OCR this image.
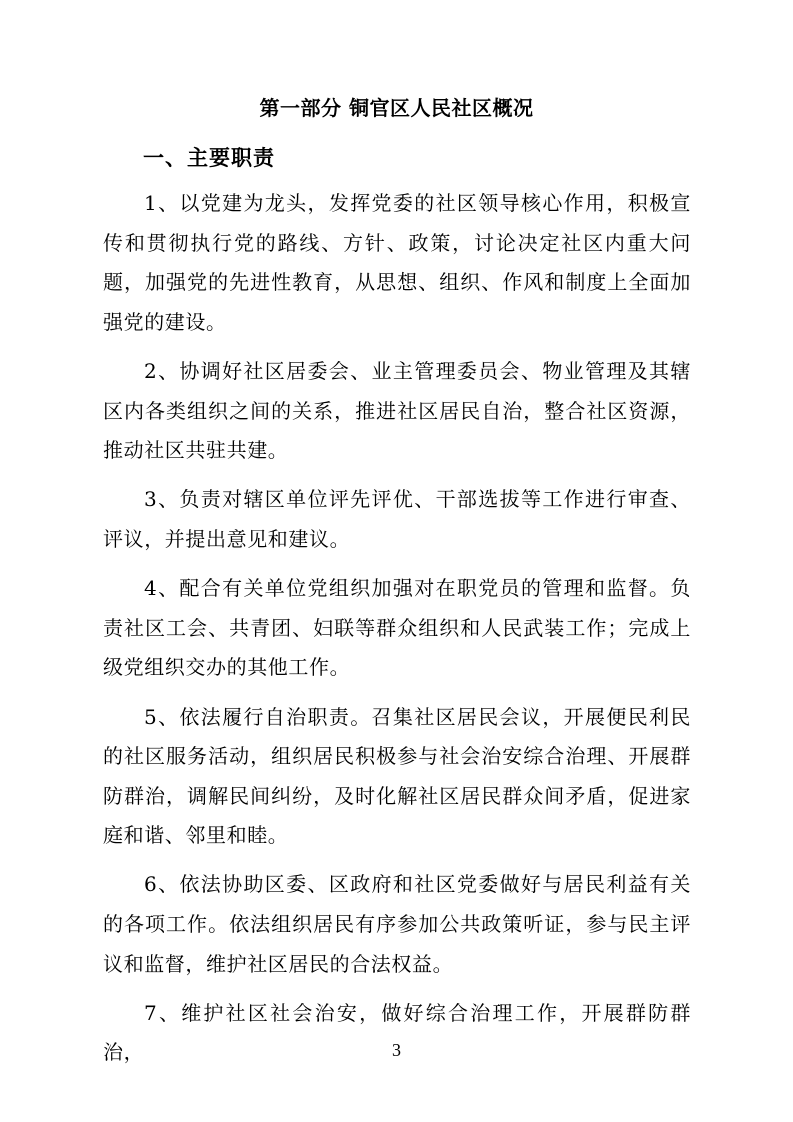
第一部分 铜官区人民社区概况
一、主要职责

1、以党建为龙头，发挥党委的社区领导核心作用，积极宣传和贯彻执行党的路线、方针、政策，讨论决定社区内重大问题，加强党的先进性教育，从思想、组织、作风和制度上全面加强党的建设。

2、协调好社区居委会、业主管理委员会、物业管理及其辖区内各类组织之间的关系，推进社区居民自治，整合社区资源，推动社区共驻共建。

3、负责对辖区单位评先评优、干部选拔等工作进行审查、评议，并提出意见和建议。

4、配合有关单位党组织加强对在职党员的管理和监督。负责社区工会、共青团、妇联等群众组织和人民武装工作；完成上级党组织交办的其他工作。

5、依法履行自治职责。召集社区居民会议，开展便民利民的社区服务活动，组织居民积极参与社会治安综合治理、开展群防群治，调解民间纠纷，及时化解社区居民群众间矛盾，促进家庭和谐、邻里和睦。

6、依法协助区委、区政府和社区党委做好与居民利益有关的各项工作。依法组织居民有序参加公共政策听证，参与民主评议和监督，维护社区居民的合法权益。

7、维护社区社会治安，做好综合治理工作，开展群防群治，	3
